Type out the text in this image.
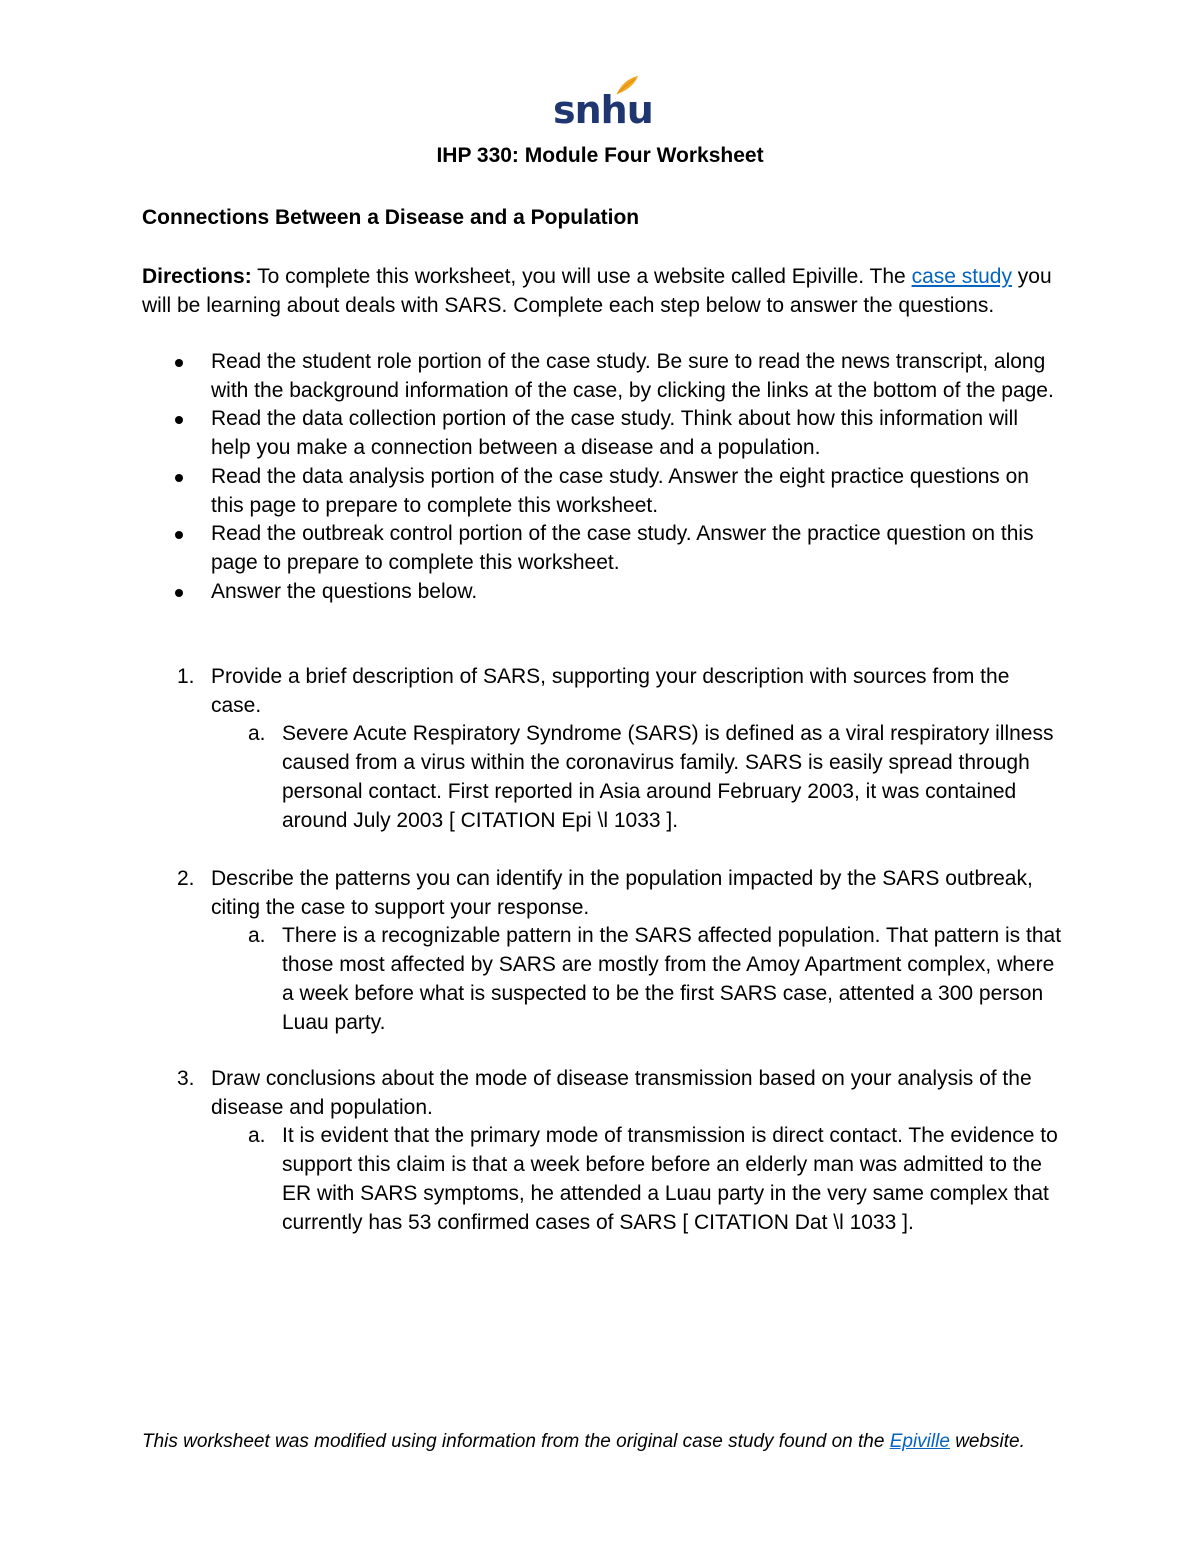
snhu
IHP 330: Module Four Worksheet
Connections Between a Disease and a Population
Directions: To complete this worksheet, you will use a website called Epiville. The case study you will be learning about deals with SARS. Complete each step below to answer the questions.
Read the student role portion of the case study. Be sure to read the news transcript, along with the background information of the case, by clicking the links at the bottom of the page.
Read the data collection portion of the case study. Think about how this information will help you make a connection between a disease and a population.
Read the data analysis portion of the case study. Answer the eight practice questions on this page to prepare to complete this worksheet.
Read the outbreak control portion of the case study. Answer the practice question on this page to prepare to complete this worksheet.
Answer the questions below.
1. Provide a brief description of SARS, supporting your description with sources from the case.
a. Severe Acute Respiratory Syndrome (SARS) is defined as a viral respiratory illness caused from a virus within the coronavirus family. SARS is easily spread through personal contact. First reported in Asia around February 2003, it was contained around July 2003 [ CITATION Epi \l 1033 ].
2. Describe the patterns you can identify in the population impacted by the SARS outbreak, citing the case to support your response.
a. There is a recognizable pattern in the SARS affected population. That pattern is that those most affected by SARS are mostly from the Amoy Apartment complex, where a week before what is suspected to be the first SARS case, attented a 300 person Luau party.
3. Draw conclusions about the mode of disease transmission based on your analysis of the disease and population.
a. It is evident that the primary mode of transmission is direct contact. The evidence to support this claim is that a week before before an elderly man was admitted to the ER with SARS symptoms, he attended a Luau party in the very same complex that currently has 53 confirmed cases of SARS [ CITATION Dat \l 1033 ].
This worksheet was modified using information from the original case study found on the Epiville website.
